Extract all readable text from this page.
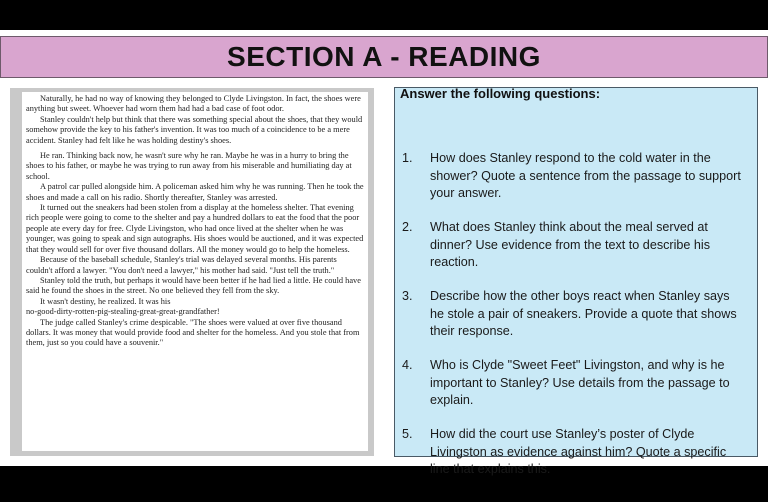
SECTION A - READING

Naturally, he had no way of knowing they belonged to Clyde Livingston. In fact, the shoes were anything but sweet. Whoever had worn them had had a bad case of foot odor.

Stanley couldn't help but think that there was something special about the shoes, that they would somehow provide the key to his father's invention. It was too much of a coincidence to be a mere accident. Stanley had felt like he was holding destiny's shoes.

He ran. Thinking back now, he wasn't sure why he ran. Maybe he was in a hurry to bring the shoes to his father, or maybe he was trying to run away from his miserable and humiliating day at school.

A patrol car pulled alongside him. A policeman asked him why he was running. Then he took the shoes and made a call on his radio. Shortly thereafter, Stanley was arrested.

It turned out the sneakers had been stolen from a display at the homeless shelter. That evening rich people were going to come to the shelter and pay a hundred dollars to eat the food that the poor people ate every day for free. Clyde Livingston, who had once lived at the shelter when he was younger, was going to speak and sign autographs. His shoes would be auctioned, and it was expected that they would sell for over five thousand dollars. All the money would go to help the homeless.

Because of the baseball schedule, Stanley's trial was delayed several months. His parents couldn't afford a lawyer. "You don't need a lawyer," his mother had said. "Just tell the truth."

Stanley told the truth, but perhaps it would have been better if he had lied a little. He could have said he found the shoes in the street. No one believed they fell from the sky.

It wasn't destiny, he realized. It was his

no-good-dirty-rotten-pig-stealing-great-great-grandfather!

The judge called Stanley's crime despicable. "The shoes were valued at over five thousand dollars. It was money that would provide food and shelter for the homeless. And you stole that from them, just so you could have a souvenir."

Answer the following questions:
1. How does Stanley respond to the cold water in the shower? Quote a sentence from the passage to support your answer.
2. What does Stanley think about the meal served at dinner? Use evidence from the text to describe his reaction.
3. Describe how the other boys react when Stanley says he stole a pair of sneakers. Provide a quote that shows their response.
4. Who is Clyde "Sweet Feet" Livingston, and why is he important to Stanley? Use details from the passage to explain.
5. How did the court use Stanley’s poster of Clyde Livingston as evidence against him? Quote a specific line that explains this.
